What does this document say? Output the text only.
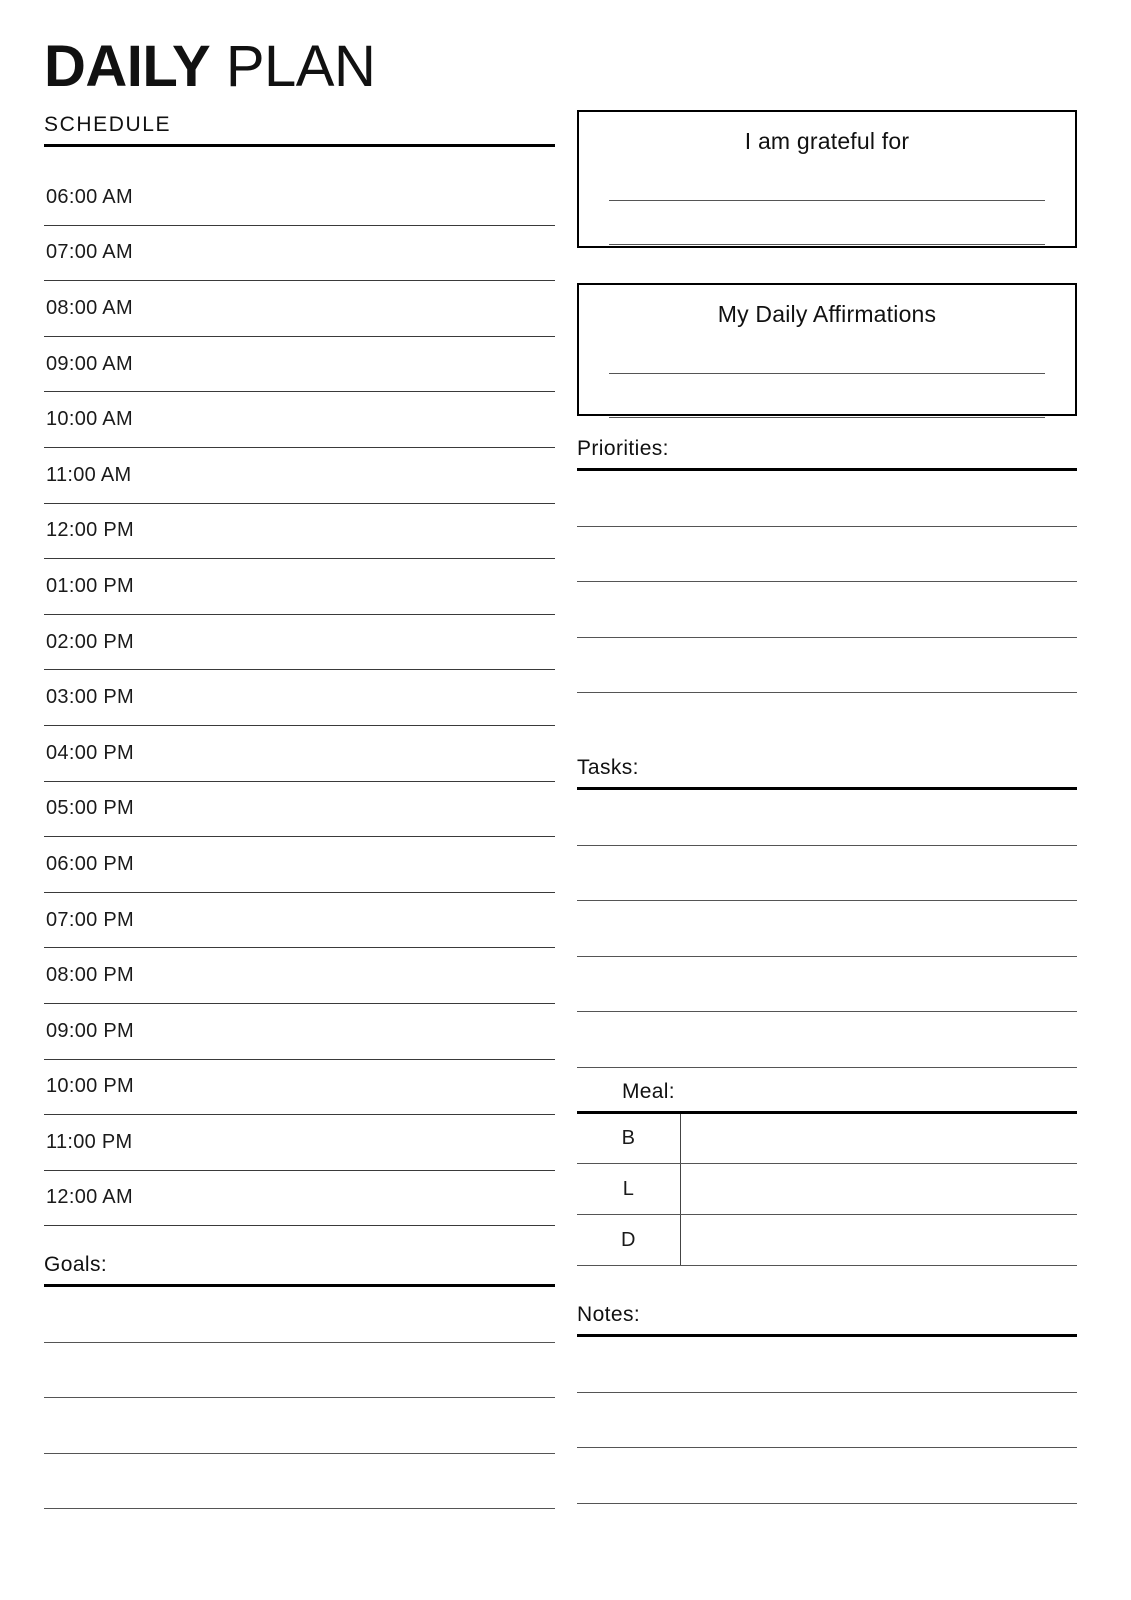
DAILY PLAN
SCHEDULE
06:00 AM
07:00 AM
08:00 AM
09:00 AM
10:00 AM
11:00 AM
12:00 PM
01:00 PM
02:00 PM
03:00 PM
04:00 PM
05:00 PM
06:00 PM
07:00 PM
08:00 PM
09:00 PM
10:00 PM
11:00 PM
12:00 AM
Goals:
I am grateful for
My Daily Affirmations
Priorities:
Tasks:
Meal:
B	
L	
D	
Notes:
